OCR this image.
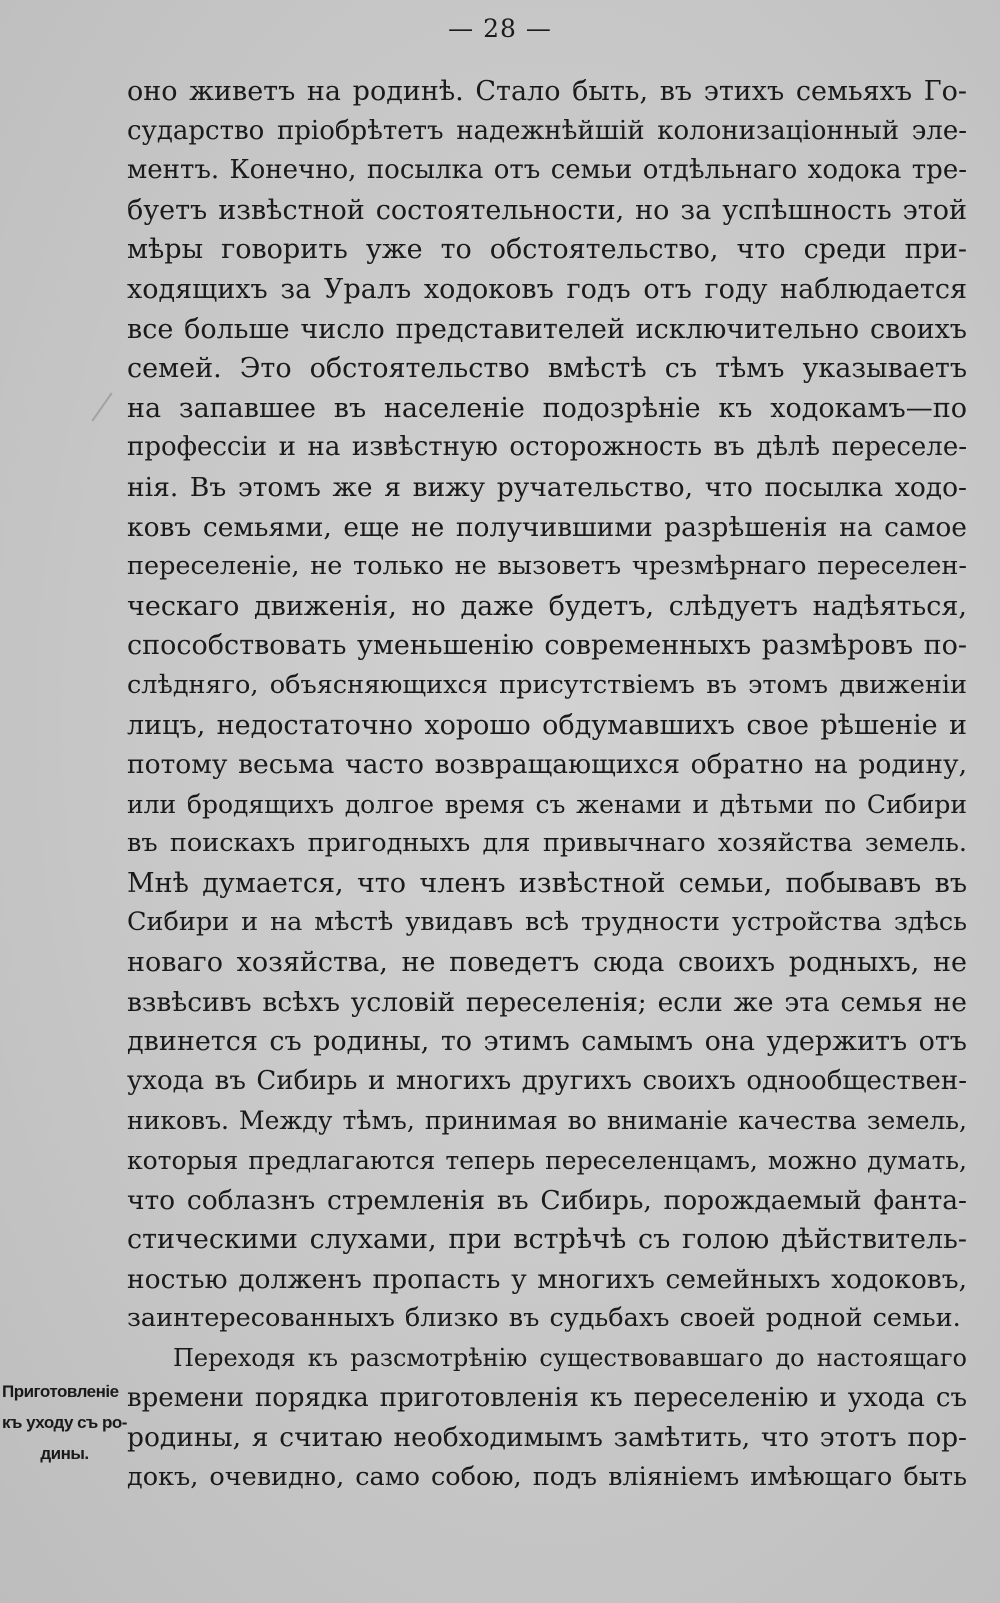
— 28 —
Приготовленіе
къ уходу съ ро-
дины.
оно живетъ на родинѣ. Стало быть, въ этихъ семьяхъ Го-
сударство пріобрѣтетъ надежнѣйшій колонизаціонный эле-
ментъ. Конечно, посылка отъ семьи отдѣльнаго ходока тре-
буетъ извѣстной состоятельности, но за успѣшность этой
мѣры говорить уже то обстоятельство, что среди при-
ходящихъ за Уралъ ходоковъ годъ отъ году наблюдается
все больше число представителей исключительно своихъ
семей. Это обстоятельство вмѣстѣ съ тѣмъ указываетъ
на запавшее въ населеніе подозрѣніе къ ходокамъ—по
профессіи и на извѣстную осторожность въ дѣлѣ переселе-
нія. Въ этомъ же я вижу ручательство, что посылка ходо-
ковъ семьями, еще не получившими разрѣшенія на самое
переселеніе, не только не вызоветъ чрезмѣрнаго переселен-
ческаго движенія, но даже будетъ, слѣдуетъ надѣяться,
способствовать уменьшенію современныхъ размѣровъ по-
слѣдняго, объясняющихся присутствіемъ въ этомъ движеніи
лицъ, недостаточно хорошо обдумавшихъ свое рѣшеніе и
потому весьма часто возвращающихся обратно на родину,
или бродящихъ долгое время съ женами и дѣтьми по Сибири
въ поискахъ пригодныхъ для привычнаго хозяйства земель.
Мнѣ думается, что членъ извѣстной семьи, побывавъ въ
Сибири и на мѣстѣ увидавъ всѣ трудности устройства здѣсь
новаго хозяйства, не поведетъ сюда своихъ родныхъ, не
взвѣсивъ всѣхъ условій переселенія; если же эта семья не
двинется съ родины, то этимъ самымъ она удержитъ отъ
ухода въ Сибирь и многихъ другихъ своихъ однообществен-
никовъ. Между тѣмъ, принимая во вниманіе качества земель,
которыя предлагаются теперь переселенцамъ, можно думать,
что соблазнъ стремленія въ Сибирь, порождаемый фанта-
стическими слухами, при встрѣчѣ съ голою дѣйствитель-
ностью долженъ пропасть у многихъ семейныхъ ходоковъ,
заинтересованныхъ близко въ судьбахъ своей родной семьи.
Переходя къ разсмотрѣнію существовавшаго до настоящаго
времени порядка приготовленія къ переселенію и ухода съ
родины, я считаю необходимымъ замѣтить, что этотъ пор-
докъ, очевидно, само собою, подъ вліяніемъ имѣющаго быть
